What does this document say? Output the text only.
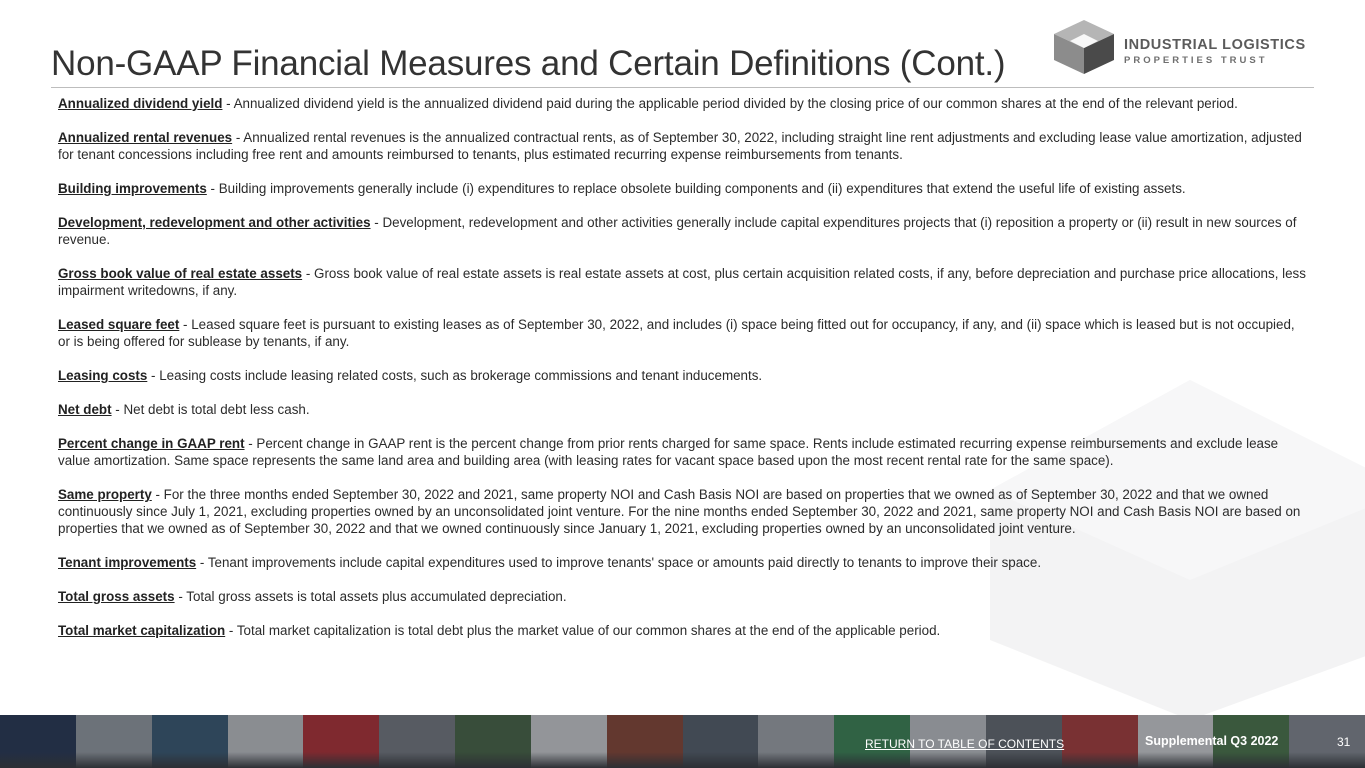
Non-GAAP Financial Measures and Certain Definitions (Cont.)	INDUSTRIAL LOGISTICS
PROPERTIES TRUST

Annualized dividend yield - Annualized dividend yield is the annualized dividend paid during the applicable period divided by the closing price of our common shares at the end of the relevant period.

Annualized rental revenues - Annualized rental revenues is the annualized contractual rents, as of September 30, 2022, including straight line rent adjustments and excluding lease value amortization, adjusted for tenant concessions including free rent and amounts reimbursed to tenants, plus estimated recurring expense reimbursements from tenants.

Building improvements - Building improvements generally include (i) expenditures to replace obsolete building components and (ii) expenditures that extend the useful life of existing assets.

Development, redevelopment and other activities - Development, redevelopment and other activities generally include capital expenditures projects that (i) reposition a property or (ii) result in new sources of revenue.

Gross book value of real estate assets - Gross book value of real estate assets is real estate assets at cost, plus certain acquisition related costs, if any, before depreciation and purchase price allocations, less impairment writedowns, if any.

Leased square feet - Leased square feet is pursuant to existing leases as of September 30, 2022, and includes (i) space being fitted out for occupancy, if any, and (ii) space which is leased but is not occupied, or is being offered for sublease by tenants, if any.

Leasing costs - Leasing costs include leasing related costs, such as brokerage commissions and tenant inducements.

Net debt - Net debt is total debt less cash.

Percent change in GAAP rent - Percent change in GAAP rent is the percent change from prior rents charged for same space. Rents include estimated recurring expense reimbursements and exclude lease value amortization. Same space represents the same land area and building area (with leasing rates for vacant space based upon the most recent rental rate for the same space).

Same property - For the three months ended September 30, 2022 and 2021, same property NOI and Cash Basis NOI are based on properties that we owned as of September 30, 2022 and that we owned continuously since July 1, 2021, excluding properties owned by an unconsolidated joint venture. For the nine months ended September 30, 2022 and 2021, same property NOI and Cash Basis NOI are based on properties that we owned as of September 30, 2022 and that we owned continuously since January 1, 2021, excluding properties owned by an unconsolidated joint venture.

Tenant improvements - Tenant improvements include capital expenditures used to improve tenants' space or amounts paid directly to tenants to improve their space.

Total gross assets - Total gross assets is total assets plus accumulated depreciation.

Total market capitalization - Total market capitalization is total debt plus the market value of our common shares at the end of the applicable period.

RETURN TO TABLE OF CONTENTS	Supplemental Q3 2022	31
